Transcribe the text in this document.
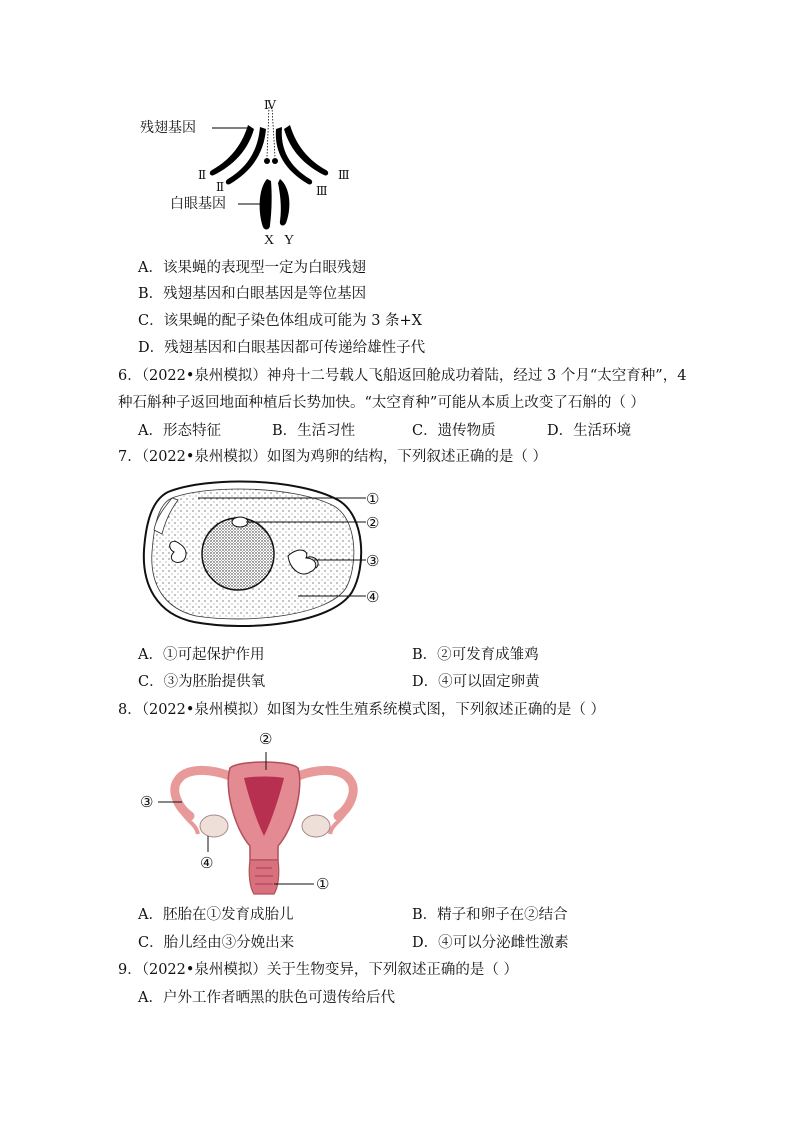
残翅基因
白眼基因
Ⅳ
Ⅱ
Ⅱ
Ⅲ
Ⅲ
X Y
A．该果蝇的表现型一定为白眼残翅
B．残翅基因和白眼基因是等位基因
C．该果蝇的配子染色体组成可能为 3 条+X
D．残翅基因和白眼基因都可传递给雄性子代
6．（2022•泉州模拟）神舟十二号载人飞船返回舱成功着陆，经过 3 个月“太空育种”，4
种石斛种子返回地面种植后长势加快。“太空育种”可能从本质上改变了石斛的（ ）
A．形态特征	B．生活习性	C．遗传物质	D．生活环境
7．（2022•泉州模拟）如图为鸡卵的结构，下列叙述正确的是（ ）
①
②
③
④
A．①可起保护作用	B．②可发育成雏鸡
C．③为胚胎提供氧	D．④可以固定卵黄
8．（2022•泉州模拟）如图为女性生殖系统模式图，下列叙述正确的是（ ）
②
③
④
①
A．胚胎在①发育成胎儿	B．精子和卵子在②结合
C．胎儿经由③分娩出来	D．④可以分泌雌性激素
9．（2022•泉州模拟）关于生物变异，下列叙述正确的是（ ）
A．户外工作者晒黑的肤色可遗传给后代
